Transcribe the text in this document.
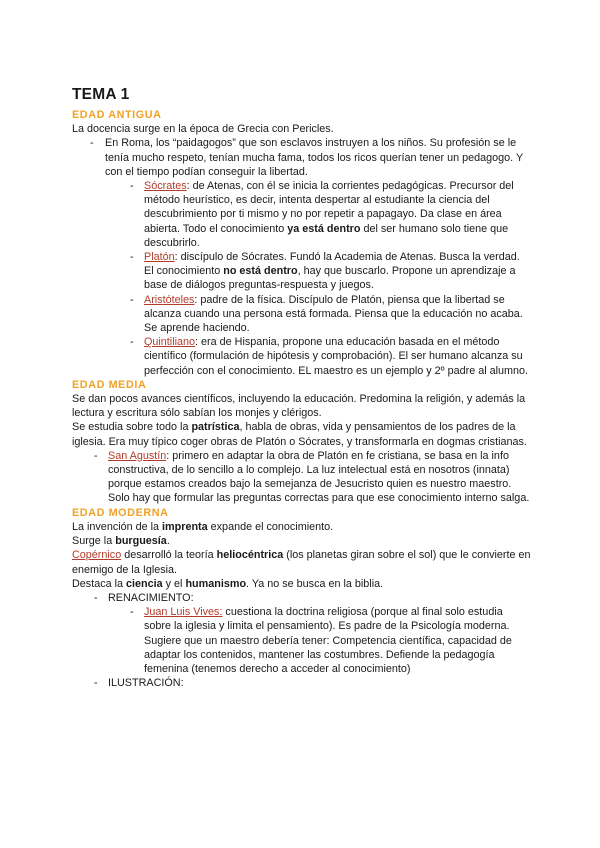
TEMA 1
EDAD ANTIGUA

La docencia surge en la época de Grecia con Pericles.

- En Roma, los “paidagogos” que son esclavos instruyen a los niños. Su profesión se le tenía mucho respeto, tenían mucha fama, todos los ricos querían tener un pedagogo. Y con el tiempo podían conseguir la libertad.
- Sócrates: de Atenas, con él se inicia la corrientes pedagógicas. Precursor del método heurístico, es decir, intenta despertar al estudiante la ciencia del descubrimiento por ti mismo y no por repetir a papagayo. Da clase en área abierta. Todo el conocimiento ya está dentro del ser humano solo tiene que descubrirlo.
- Platón: discípulo de Sócrates. Fundó la Academia de Atenas. Busca la verdad. El conocimiento no está dentro, hay que buscarlo. Propone un aprendizaje a base de diálogos preguntas-respuesta y juegos.
- Aristóteles: padre de la física. Discípulo de Platón, piensa que la libertad se alcanza cuando una persona está formada. Piensa que la educación no acaba. Se aprende haciendo.
- Quintiliano: era de Hispania, propone una educación basada en el método científico (formulación de hipótesis y comprobación). El ser humano alcanza su perfección con el conocimiento. EL maestro es un ejemplo y 2º padre al alumno.
EDAD MEDIA

Se dan pocos avances científicos, incluyendo la educación. Predomina la religión, y además la lectura y escritura sólo sabían los monjes y clérigos.

Se estudia sobre todo la patrística, habla de obras, vida y pensamientos de los padres de la iglesia. Era muy típico coger obras de Platón o Sócrates, y transformarla en dogmas cristianas.

- San Agustín: primero en adaptar la obra de Platón en fe cristiana, se basa en la info constructiva, de lo sencillo a lo complejo. La luz intelectual está en nosotros (innata) porque estamos creados bajo la semejanza de Jesucristo quien es nuestro maestro. Solo hay que formular las preguntas correctas para que ese conocimiento interno salga.
EDAD MODERNA

La invención de la imprenta expande el conocimiento.

Surge la burguesía.

Copérnico desarrolló la teoría heliocéntrica (los planetas giran sobre el sol) que le convierte en enemigo de la Iglesia.

Destaca la ciencia y el humanismo. Ya no se busca en la biblia.

- RENACIMIENTO:
- Juan Luis Vives: cuestiona la doctrina religiosa (porque al final solo estudia sobre la iglesia y limita el pensamiento). Es padre de la Psicología moderna. Sugiere que un maestro debería tener: Competencia científica, capacidad de adaptar los contenidos, mantener las costumbres. Defiende la pedagogía femenina (tenemos derecho a acceder al conocimiento)
- ILUSTRACIÓN:
